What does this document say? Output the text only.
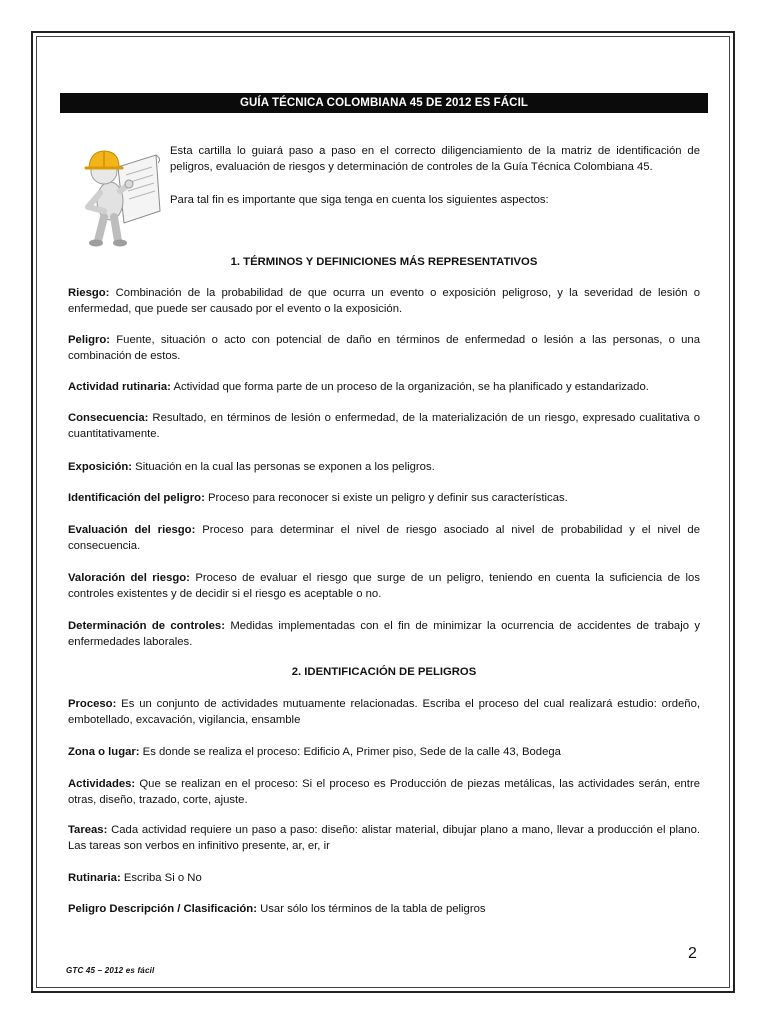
GUÍA TÉCNICA COLOMBIANA 45 DE 2012 ES FÁCIL

Esta cartilla lo guiará paso a paso en el correcto diligenciamiento de la matriz de identificación de peligros, evaluación de riesgos y determinación de controles de la Guía Técnica Colombiana 45.

Para tal fin es importante que siga tenga en cuenta los siguientes aspectos:

1. TÉRMINOS Y DEFINICIONES MÁS REPRESENTATIVOS
Riesgo: Combinación de la probabilidad de que ocurra un evento o exposición peligroso, y la severidad de lesión o enfermedad, que puede ser causado por el evento o la exposición.
Peligro: Fuente, situación o acto con potencial de daño en términos de enfermedad o lesión a las personas, o una combinación de estos.
Actividad rutinaria: Actividad que forma parte de un proceso de la organización, se ha planificado y estandarizado.
Consecuencia: Resultado, en términos de lesión o enfermedad, de la materialización de un riesgo, expresado cualitativa o cuantitativamente.
Exposición: Situación en la cual las personas se exponen a los peligros.
Identificación del peligro: Proceso para reconocer si existe un peligro y definir sus características.
Evaluación del riesgo: Proceso para determinar el nivel de riesgo asociado al nivel de probabilidad y el nivel de consecuencia.
Valoración del riesgo: Proceso de evaluar el riesgo que surge de un peligro, teniendo en cuenta la suficiencia de los controles existentes y de decidir si el riesgo es aceptable o no.
Determinación de controles: Medidas implementadas con el fin de minimizar la ocurrencia de accidentes de trabajo y enfermedades laborales.
2. IDENTIFICACIÓN DE PELIGROS
Proceso: Es un conjunto de actividades mutuamente relacionadas. Escriba el proceso del cual realizará estudio: ordeño, embotellado, excavación, vigilancia, ensamble
Zona o lugar: Es donde se realiza el proceso: Edificio A, Primer piso, Sede de la calle 43, Bodega
Actividades: Que se realizan en el proceso: Si el proceso es Producción de piezas metálicas, las actividades serán, entre otras, diseño, trazado, corte, ajuste.
Tareas: Cada actividad requiere un paso a paso: diseño: alistar material, dibujar plano a mano, llevar a producción el plano. Las tareas son verbos en infinitivo presente, ar, er, ir
Rutinaria: Escriba Si o No
Peligro Descripción / Clasificación: Usar sólo los términos de la tabla de peligros
2
GTC 45 – 2012 es fácil
